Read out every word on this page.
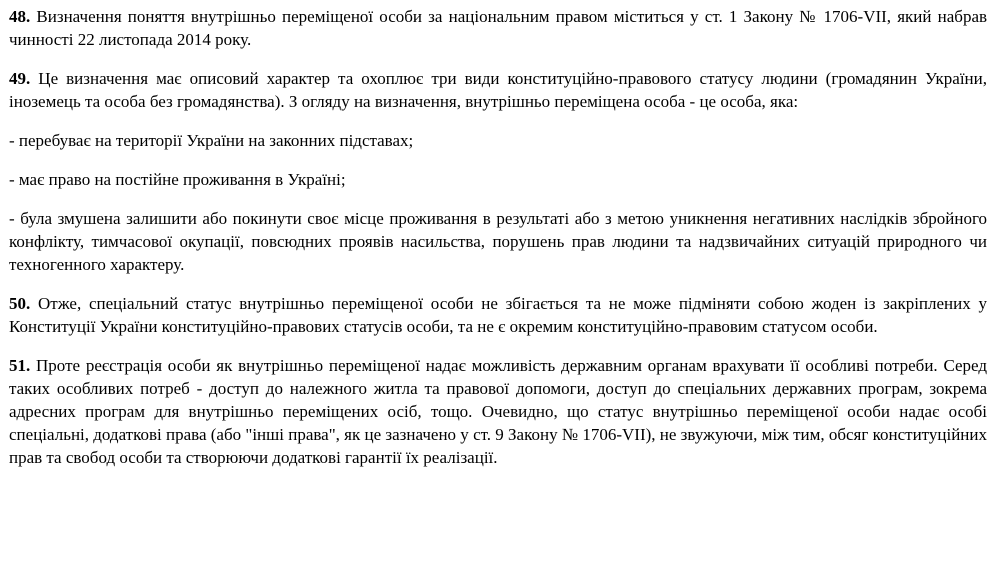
48. Визначення поняття внутрішньо переміщеної особи за національним правом міститься у ст. 1 Закону № 1706-VII, який набрав чинності 22 листопада 2014 року.

49. Це визначення має описовий характер та охоплює три види конституційно-правового статусу людини (громадянин України, іноземець та особа без громадянства). З огляду на визначення, внутрішньо переміщена особа - це особа, яка:

- перебуває на території України на законних підставах;

- має право на постійне проживання в Україні;

- була змушена залишити або покинути своє місце проживання в результаті або з метою уникнення негативних наслідків збройного конфлікту, тимчасової окупації, повсюдних проявів насильства, порушень прав людини та надзвичайних ситуацій природного чи техногенного характеру.

50. Отже, спеціальний статус внутрішньо переміщеної особи не збігається та не може підміняти собою жоден із закріплених у Конституції України конституційно-правових статусів особи, та не є окремим конституційно-правовим статусом особи.

51. Проте реєстрація особи як внутрішньо переміщеної надає можливість державним органам врахувати її особливі потреби. Серед таких особливих потреб - доступ до належного житла та правової допомоги, доступ до спеціальних державних програм, зокрема адресних програм для внутрішньо переміщених осіб, тощо. Очевидно, що статус внутрішньо переміщеної особи надає особі спеціальні, додаткові права (або "інші права", як це зазначено у ст. 9 Закону № 1706-VII), не звужуючи, між тим, обсяг конституційних прав та свобод особи та створюючи додаткові гарантії їх реалізації.
